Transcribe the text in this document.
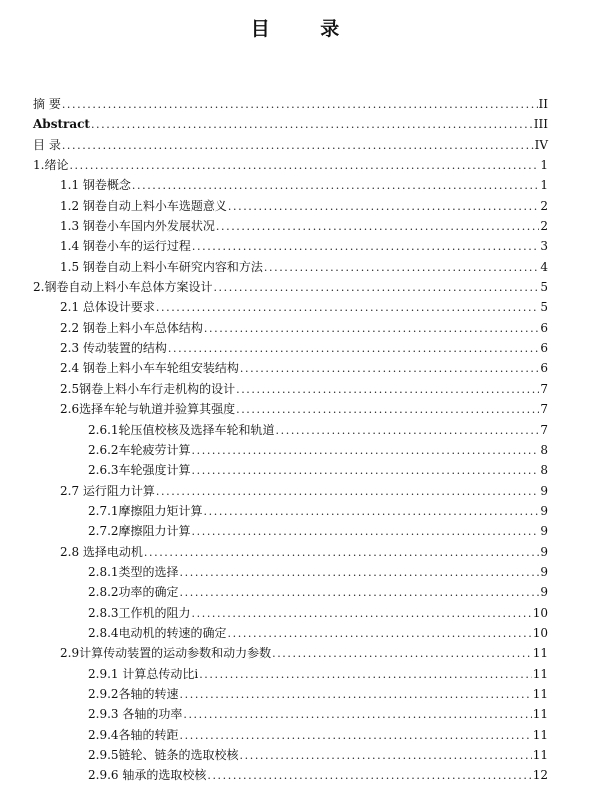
目 录
摘 要 .....	II
Abstract .....	III
目 录 .....	IV
1.绪论 .....	1
1.1 钢卷概念 .....	1
1.2 钢卷自动上料小车选题意义 .....	2
1.3 钢卷小车国内外发展状况 .....	2
1.4 钢卷小车的运行过程 .....	3
1.5 钢卷自动上料小车研究内容和方法 .....	4
2.钢卷自动上料小车总体方案设计 .....	5
2.1 总体设计要求 .....	5
2.2 钢卷上料小车总体结构 .....	6
2.3 传动装置的结构 .....	6
2.4 钢卷上料小车车轮组安装结构 .....	6
2.5钢卷上料小车行走机构的设计 .....	7
2.6选择车轮与轨道并验算其强度 .....	7
2.6.1轮压值校核及选择车轮和轨道 .....	7
2.6.2车轮疲劳计算 .....	8
2.6.3车轮强度计算 .....	8
2.7 运行阻力计算 .....	9
2.7.1摩擦阻力矩计算 .....	9
2.7.2摩擦阻力计算 .....	9
2.8 选择电动机 .....	9
2.8.1类型的选择 .....	9
2.8.2功率的确定 .....	9
2.8.3工作机的阻力 .....	10
2.8.4电动机的转速的确定 .....	10
2.9计算传动装置的运动参数和动力参数 .....	11
2.9.1 计算总传动比i .....	11
2.9.2各轴的转速 .....	11
2.9.3 各轴的功率 .....	11
2.9.4各轴的转距 .....	11
2.9.5链轮、链条的选取校核 .....	11
2.9.6 轴承的选取校核 .....	12
